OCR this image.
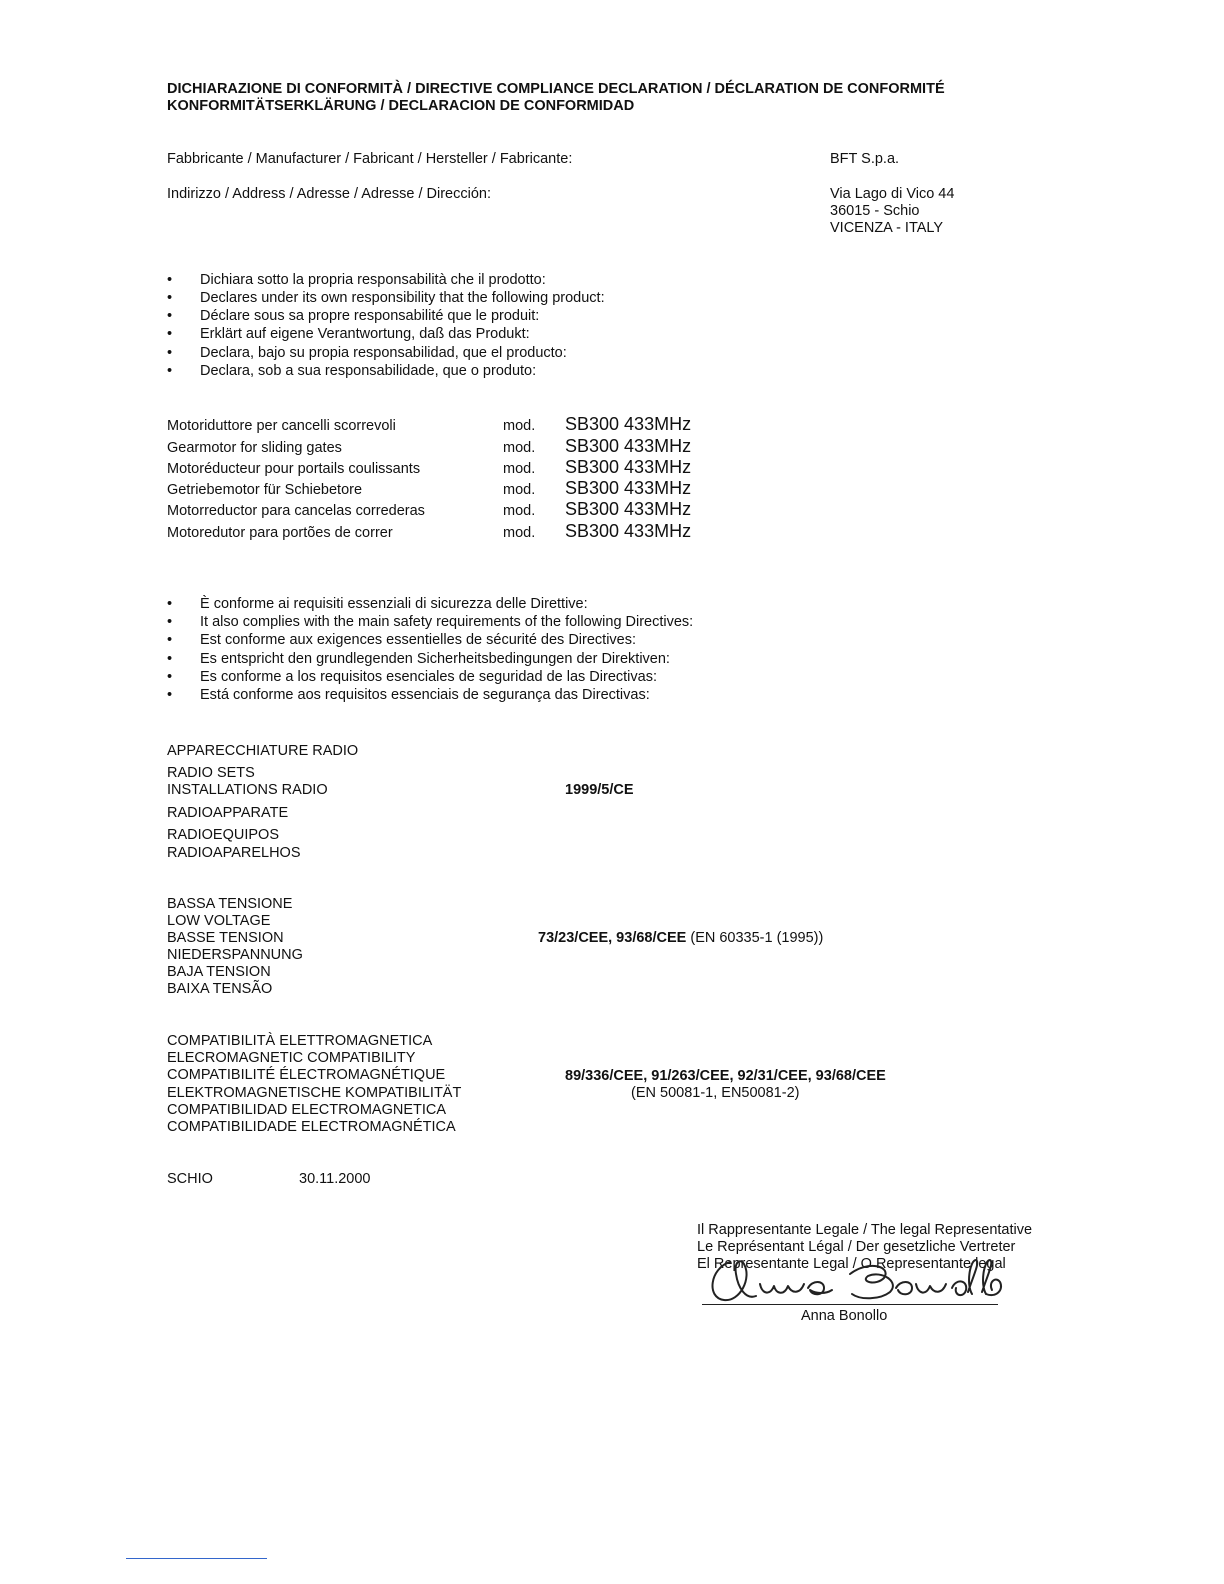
DICHIARAZIONE DI CONFORMITÀ / DIRECTIVE COMPLIANCE DECLARATION / DÉCLARATION DE CONFORMITÉ
KONFORMITÄTSERKLÄRUNG / DECLARACION DE CONFORMIDAD
Fabbricante / Manufacturer / Fabricant / Hersteller / Fabricante:	BFT S.p.a.
Indirizzo / Address / Adresse / Adresse / Dirección:	Via Lago di Vico 44
36015 - Schio
VICENZA - ITALY
• Dichiara sotto la propria responsabilità che il prodotto:
• Declares under its own responsibility that the following product:
• Déclare sous sa propre responsabilité que le produit:
• Erklärt auf eigene Verantwortung, daß das Produkt:
• Declara, bajo su propia responsabilidad, que el producto:
• Declara, sob a sua responsabilidade, que o produto:
Motoriduttore per cancelli scorrevoli	mod. SB300 433MHz
Gearmotor for sliding gates	mod. SB300 433MHz
Motoréducteur pour portails coulissants	mod. SB300 433MHz
Getriebemotor für Schiebetore	mod. SB300 433MHz
Motorreductor para cancelas correderas	mod. SB300 433MHz
Motoredutor para portões de correr	mod. SB300 433MHz
• È conforme ai requisiti essenziali di sicurezza delle Direttive:
• It also complies with the main safety requirements of the following Directives:
• Est conforme aux exigences essentielles de sécurité des Directives:
• Es entspricht den grundlegenden Sicherheitsbedingungen der Direktiven:
• Es conforme a los requisitos esenciales de seguridad de las Directivas:
• Está conforme aos requisitos essenciais de segurança das Directivas:
APPARECCHIATURE RADIO
RADIO SETS
INSTALLATIONS RADIO
RADIOAPPARATE
RADIOEQUIPOS
RADIOAPARELHOS
1999/5/CE
BASSA TENSIONE
LOW VOLTAGE
BASSE TENSION
NIEDERSPANNUNG
BAJA TENSION
BAIXA TENSÃO
73/23/CEE, 93/68/CEE (EN 60335-1 (1995))
COMPATIBILITÀ ELETTROMAGNETICA
ELECROMAGNETIC COMPATIBILITY
COMPATIBILITÉ ÉLECTROMAGNÉTIQUE
ELEKTROMAGNETISCHE KOMPATIBILITÄT
COMPATIBILIDAD ELECTROMAGNETICA
COMPATIBILIDADE ELECTROMAGNÉTICA
89/336/CEE, 91/263/CEE, 92/31/CEE, 93/68/CEE
(EN 50081-1, EN50081-2)
SCHIO	30.11.2000
Il Rappresentante Legale / The legal Representative
Le Représentant Légal / Der gesetzliche Vertreter
El Representante Legal / O Representante legal
Anna Bonollo
